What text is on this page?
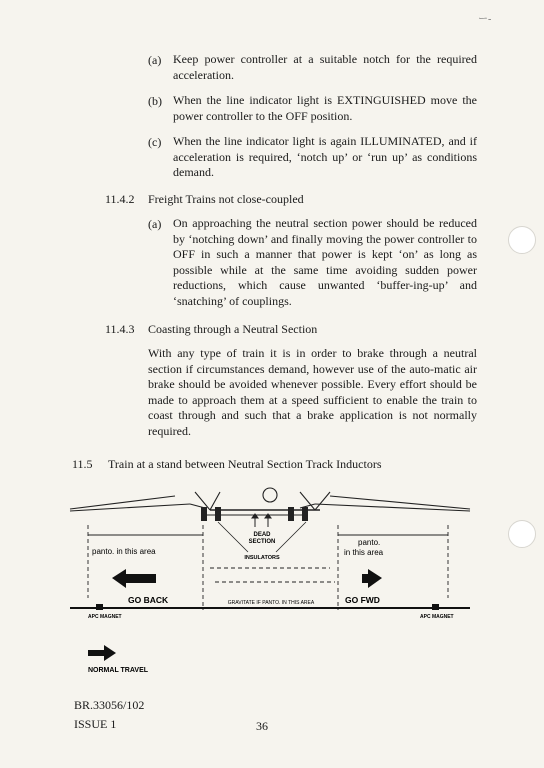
ー‐
(a) Keep power controller at a suitable notch for the required acceleration.

(b) When the line indicator light is EXTINGUISHED move the power controller to the OFF position.

(c) When the line indicator light is again ILLUMINATED, and if acceleration is required, ‘notch up’ or ‘run up’ as conditions demand.

11.4.2 Freight Trains not close-coupled
(a) On approaching the neutral section power should be reduced by ‘notching down’ and finally moving the power controller to OFF in such a manner that power is kept ‘on’ as long as possible while at the same time avoiding sudden power reductions, which cause unwanted ‘buffer-ing-up’ and ‘snatching’ of couplings.

11.4.3 Coasting through a Neutral Section

With any type of train it is in order to brake through a neutral section if circumstances demand, however use of the auto-matic air brake should be avoided whenever possible. Every effort should be made to approach them at a speed sufficient to enable the train to coast through and such that a brake application is not normally required.

11.5 Train at a stand between Neutral Section Track Inductors
DEAD
SECTION
INSULATORS
panto. in this area
panto.
in this area
GO BACK	GO FWD
GRAVITATE IF PANTO. IN THIS AREA
APC MAGNET	APC MAGNET
NORMAL TRAVEL
BR.33056/102
ISSUE 1	36
